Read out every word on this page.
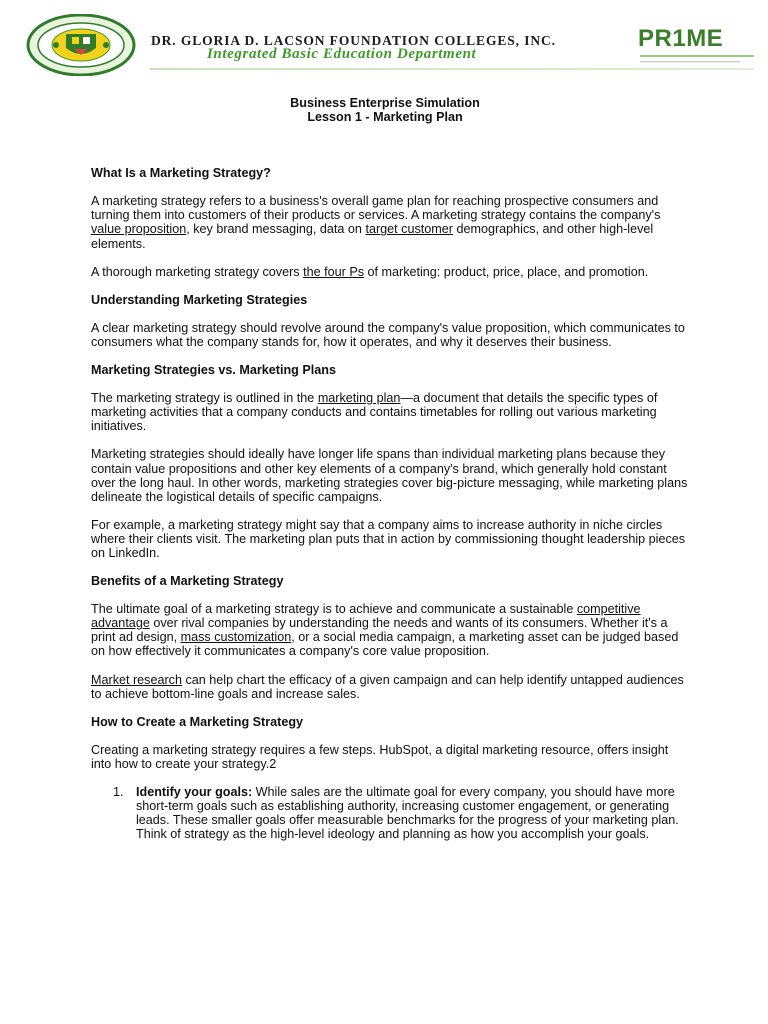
DR. GLORIA D. LACSON FOUNDATION COLLEGES, INC.
Integrated Basic Education Department
PR1ME

Business Enterprise Simulation

Lesson 1 - Marketing Plan

What Is a Marketing Strategy?

A marketing strategy refers to a business's overall game plan for reaching prospective consumers and turning them into customers of their products or services. A marketing strategy contains the company's value proposition, key brand messaging, data on target customer demographics, and other high-level elements.

A thorough marketing strategy covers the four Ps of marketing: product, price, place, and promotion.

Understanding Marketing Strategies

A clear marketing strategy should revolve around the company's value proposition, which communicates to consumers what the company stands for, how it operates, and why it deserves their business.

Marketing Strategies vs. Marketing Plans

The marketing strategy is outlined in the marketing plan—a document that details the specific types of marketing activities that a company conducts and contains timetables for rolling out various marketing initiatives.

Marketing strategies should ideally have longer life spans than individual marketing plans because they contain value propositions and other key elements of a company's brand, which generally hold constant over the long haul. In other words, marketing strategies cover big-picture messaging, while marketing plans delineate the logistical details of specific campaigns.

For example, a marketing strategy might say that a company aims to increase authority in niche circles where their clients visit. The marketing plan puts that in action by commissioning thought leadership pieces on LinkedIn.

Benefits of a Marketing Strategy

The ultimate goal of a marketing strategy is to achieve and communicate a sustainable competitive advantage over rival companies by understanding the needs and wants of its consumers. Whether it's a print ad design, mass customization, or a social media campaign, a marketing asset can be judged based on how effectively it communicates a company's core value proposition.

Market research can help chart the efficacy of a given campaign and can help identify untapped audiences to achieve bottom-line goals and increase sales.

How to Create a Marketing Strategy

Creating a marketing strategy requires a few steps. HubSpot, a digital marketing resource, offers insight into how to create your strategy.2

1. Identify your goals: While sales are the ultimate goal for every company, you should have more short-term goals such as establishing authority, increasing customer engagement, or generating leads. These smaller goals offer measurable benchmarks for the progress of your marketing plan. Think of strategy as the high-level ideology and planning as how you accomplish your goals.
